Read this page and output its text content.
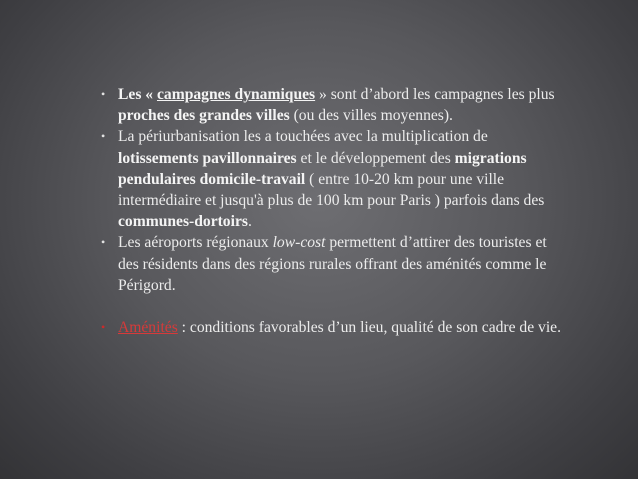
• Les « campagnes dynamiques » sont d’abord les campagnes les plus proches des grandes villes (ou des villes moyennes).
• La périurbanisation les a touchées avec la multiplication de lotissements pavillonnaires et le développement des migrations pendulaires domicile-travail ( entre 10-20 km pour une ville intermédiaire et jusqu'à plus de 100 km pour Paris ) parfois dans des communes-dortoirs.
• Les aéroports régionaux low-cost permettent d’attirer des touristes et des résidents dans des régions rurales offrant des aménités comme le Périgord.
• Aménités : conditions favorables d’un lieu, qualité de son cadre de vie.
